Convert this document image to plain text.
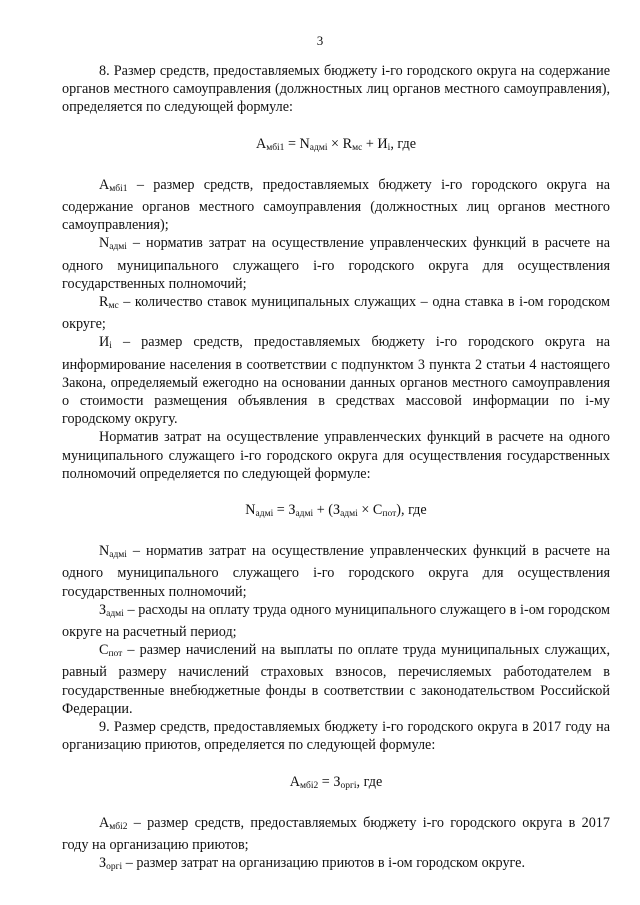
3

8. Размер средств, предоставляемых бюджету i-го городского округа на содержание органов местного самоуправления (должностных лиц органов местного самоуправления), определяется по следующей формуле:

$А_{мбi1} = N_{адмi} \times R_{мс} + И_i$, где

$А_{мбi1}$ – размер средств, предоставляемых бюджету i-го городского округа на содержание органов местного самоуправления (должностных лиц органов местного самоуправления);

$N_{адмi}$ – норматив затрат на осуществление управленческих функций в расчете на одного муниципального служащего i-го городского округа для осуществления государственных полномочий;

$R_{мс}$ – количество ставок муниципальных служащих – одна ставка в i-ом городском округе;

$И_i$ – размер средств, предоставляемых бюджету i-го городского округа на информирование населения в соответствии с подпунктом 3 пункта 2 статьи 4 настоящего Закона, определяемый ежегодно на основании данных органов местного самоуправления о стоимости размещения объявления в средствах массовой информации по i-му городскому округу.

Норматив затрат на осуществление управленческих функций в расчете на одного муниципального служащего i-го городского округа для осуществления государственных полномочий определяется по следующей формуле:

$N_{адмi} = З_{адмi} + (З_{адмi} \times С_{пот})$, где

$N_{адмi}$ – норматив затрат на осуществление управленческих функций в расчете на одного муниципального служащего i-го городского округа для осуществления государственных полномочий;

$З_{адмi}$ – расходы на оплату труда одного муниципального служащего в i-ом городском округе на расчетный период;

$С_{пот}$ – размер начислений на выплаты по оплате труда муниципальных служащих, равный размеру начислений страховых взносов, перечисляемых работодателем в государственные внебюджетные фонды в соответствии с законодательством Российской Федерации.

9. Размер средств, предоставляемых бюджету i-го городского округа в 2017 году на организацию приютов, определяется по следующей формуле:

$А_{мбi2} = З_{оргi}$, где

$А_{мбi2}$ – размер средств, предоставляемых бюджету i-го городского округа в 2017 году на организацию приютов;

$З_{оргi}$ – размер затрат на организацию приютов в i-ом городском округе.
